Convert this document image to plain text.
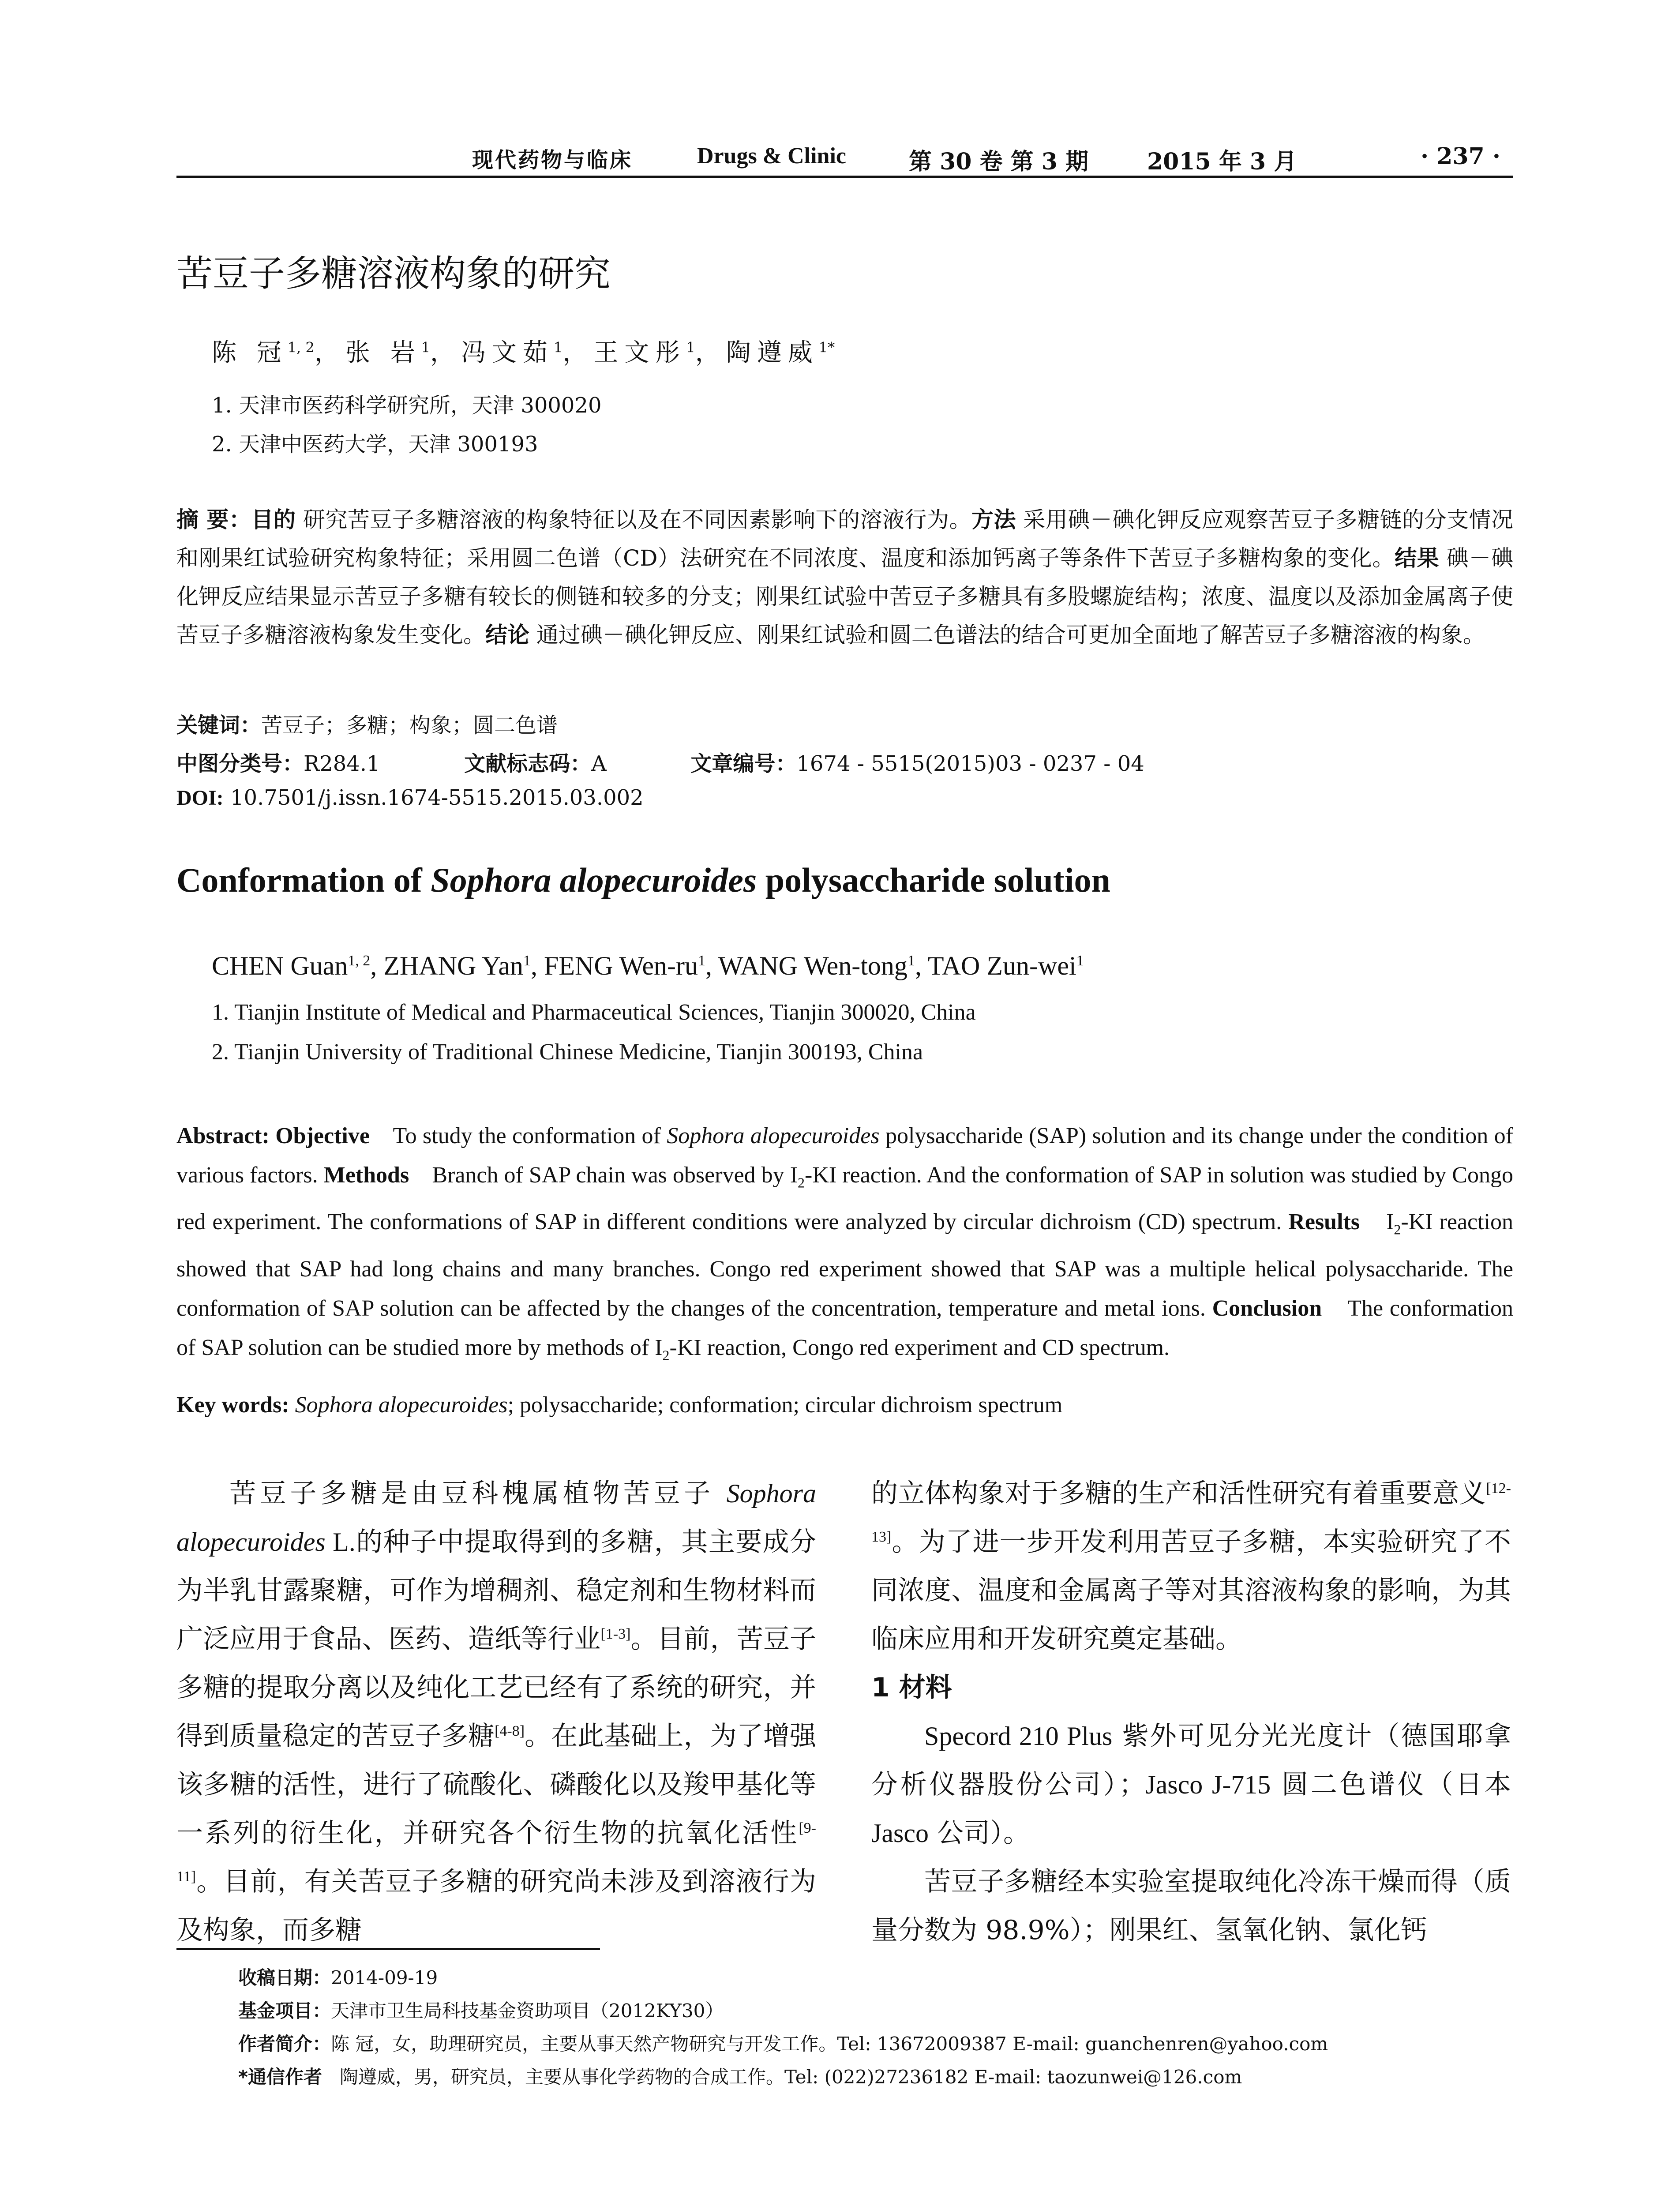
现代药物与临床	Drugs & Clinic	第 30 卷 第 3 期	2015 年 3 月	· 237 ·
苦豆子多糖溶液构象的研究
陈 冠$^{1, 2}$，张 岩$^1$，冯文茹$^1$，王文彤$^1$，陶遵威$^{1*}$
1. 天津市医药科学研究所，天津 300020
2. 天津中医药大学，天津 300193
摘 要：目的 研究苦豆子多糖溶液的构象特征以及在不同因素影响下的溶液行为。方法 采用碘－碘化钾反应观察苦豆子多糖链的分支情况和刚果红试验研究构象特征；采用圆二色谱（CD）法研究在不同浓度、温度和添加钙离子等条件下苦豆子多糖构象的变化。结果 碘－碘化钾反应结果显示苦豆子多糖有较长的侧链和较多的分支；刚果红试验中苦豆子多糖具有多股螺旋结构；浓度、温度以及添加金属离子使苦豆子多糖溶液构象发生变化。结论 通过碘－碘化钾反应、刚果红试验和圆二色谱法的结合可更加全面地了解苦豆子多糖溶液的构象。
关键词：苦豆子；多糖；构象；圆二色谱
中图分类号：R284.1	文献标志码：A	文章编号：1674 - 5515(2015)03 - 0237 - 04
DOI: 10.7501/j.issn.1674-5515.2015.03.002
Conformation of Sophora alopecuroides polysaccharide solution
CHEN Guan$^{1, 2}$, ZHANG Yan$^1$, FENG Wen-$ru^1$, WANG Wen-tong$^1$, TAO Zun-wei$^1$
1. Tianjin Institute of Medical and Pharmaceutical Sciences, Tianjin 300020, China
2. Tianjin University of Traditional Chinese Medicine, Tianjin 300193, China
Abstract: Objective To study the conformation of Sophora alopecuroides polysaccharide (SAP) solution and its change under the condition of various factors. Methods Branch of SAP chain was observed by $I_2-KI$ reaction. And the conformation of SAP in solution was studied by Congo red experiment. The conformations of SAP in different conditions were analyzed by circular dichroism (CD) spectrum. Results $I_2-KI$ reaction showed that SAP had long chains and many branches. Congo red experiment showed that SAP was a multiple helical polysaccharide. The conformation of SAP solution can be affected by the changes of the concentration, temperature and metal ions. Conclusion The conformation of SAP solution can be studied more by methods of $I_2-KI$ reaction, Congo red experiment and CD spectrum.
Key words: Sophora alopecuroides; polysaccharide; conformation; circular dichroism spectrum

苦豆子多糖是由豆科槐属植物苦豆子 Sophora alopecuroides L.的种子中提取得到的多糖，其主要成分为半乳甘露聚糖，可作为增稠剂、稳定剂和生物材料而广泛应用于食品、医药、造纸等行业[1-3]。目前，苦豆子多糖的提取分离以及纯化工艺已经有了系统的研究，并得到质量稳定的苦豆子多糖[4-8]。在此基础上，为了增强该多糖的活性，进行了硫酸化、磷酸化以及羧甲基化等一系列的衍生化，并研究各个衍生物的抗氧化活性[9-11]。目前，有关苦豆子多糖的研究尚未涉及到溶液行为及构象，而多糖

的立体构象对于多糖的生产和活性研究有着重要意义[12-13]。为了进一步开发利用苦豆子多糖，本实验研究了不同浓度、温度和金属离子等对其溶液构象的影响，为其临床应用和开发研究奠定基础。

1 材料

Specord 210 Plus 紫外可见分光光度计（德国耶拿分析仪器股份公司）；Jasco J-715 圆二色谱仪（日本 Jasco 公司）。

苦豆子多糖经本实验室提取纯化冷冻干燥而得（质量分数为 98.9%）；刚果红、氢氧化钠、氯化钙

收稿日期：2014-09-19
基金项目：天津市卫生局科技基金资助项目（2012KY30）
作者简介：陈 冠，女，助理研究员，主要从事天然产物研究与开发工作。Tel: 13672009387 E-mail: guanchenren@yahoo.com
*通信作者 陶遵威，男，研究员，主要从事化学药物的合成工作。Tel: (022)27236182 E-mail: taozunwei@126.com
